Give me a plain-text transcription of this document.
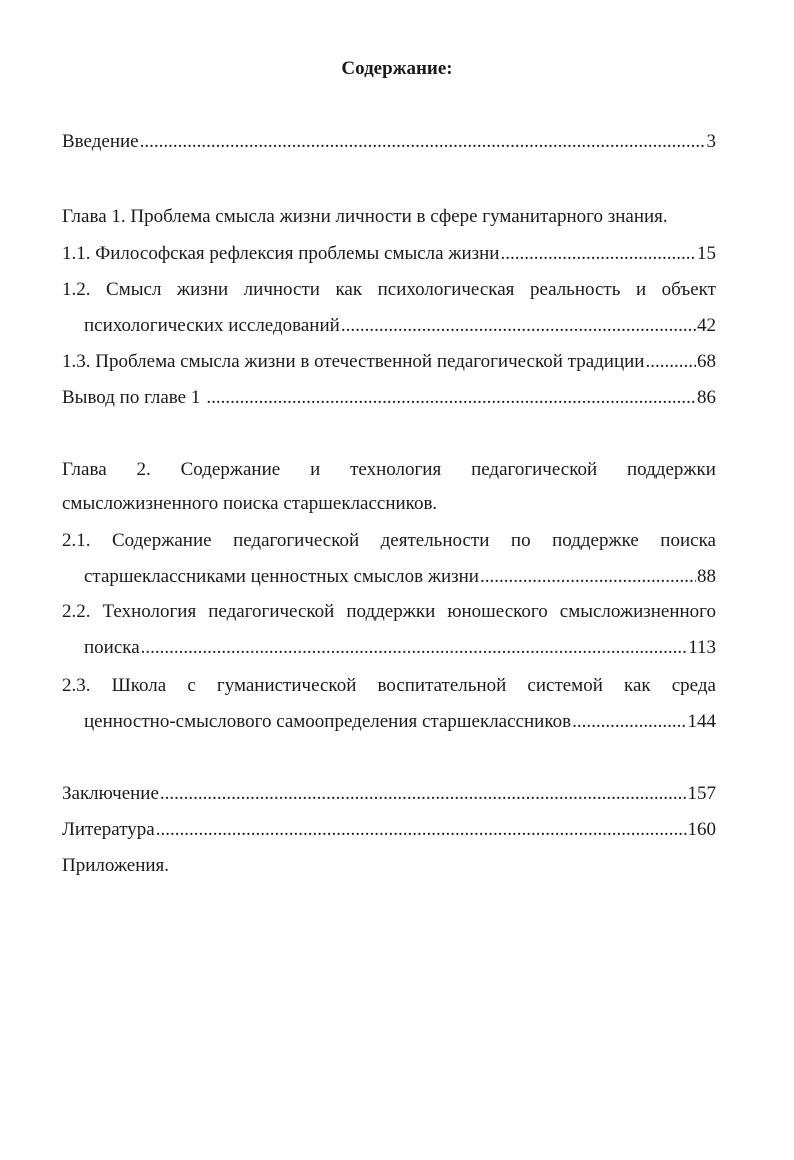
Содержание:
Введение .....	3
Глава 1. Проблема смысла жизни личности в сфере гуманитарного знания.
1.1. Философская рефлексия проблемы смысла жизни .....	15
1.2. Смысл жизни личности как психологическая реальность и объект
психологических исследований .....	42
1.3. Проблема смысла жизни в отечественной педагогической традиции .....	68
Вывод по главе 1 .....	86
Глава 2. Содержание и технология педагогической поддержки
смысложизненного поиска старшеклассников.
2.1. Содержание педагогической деятельности по поддержке поиска
старшеклассниками ценностных смыслов жизни .....	88
2.2. Технология педагогической поддержки юношеского смысложизненного
поиска .....	113
2.3. Школа с гуманистической воспитательной системой как среда
ценностно-смыслового самоопределения старшеклассников .....	144
Заключение .....	157
Литература .....	160
Приложения.
